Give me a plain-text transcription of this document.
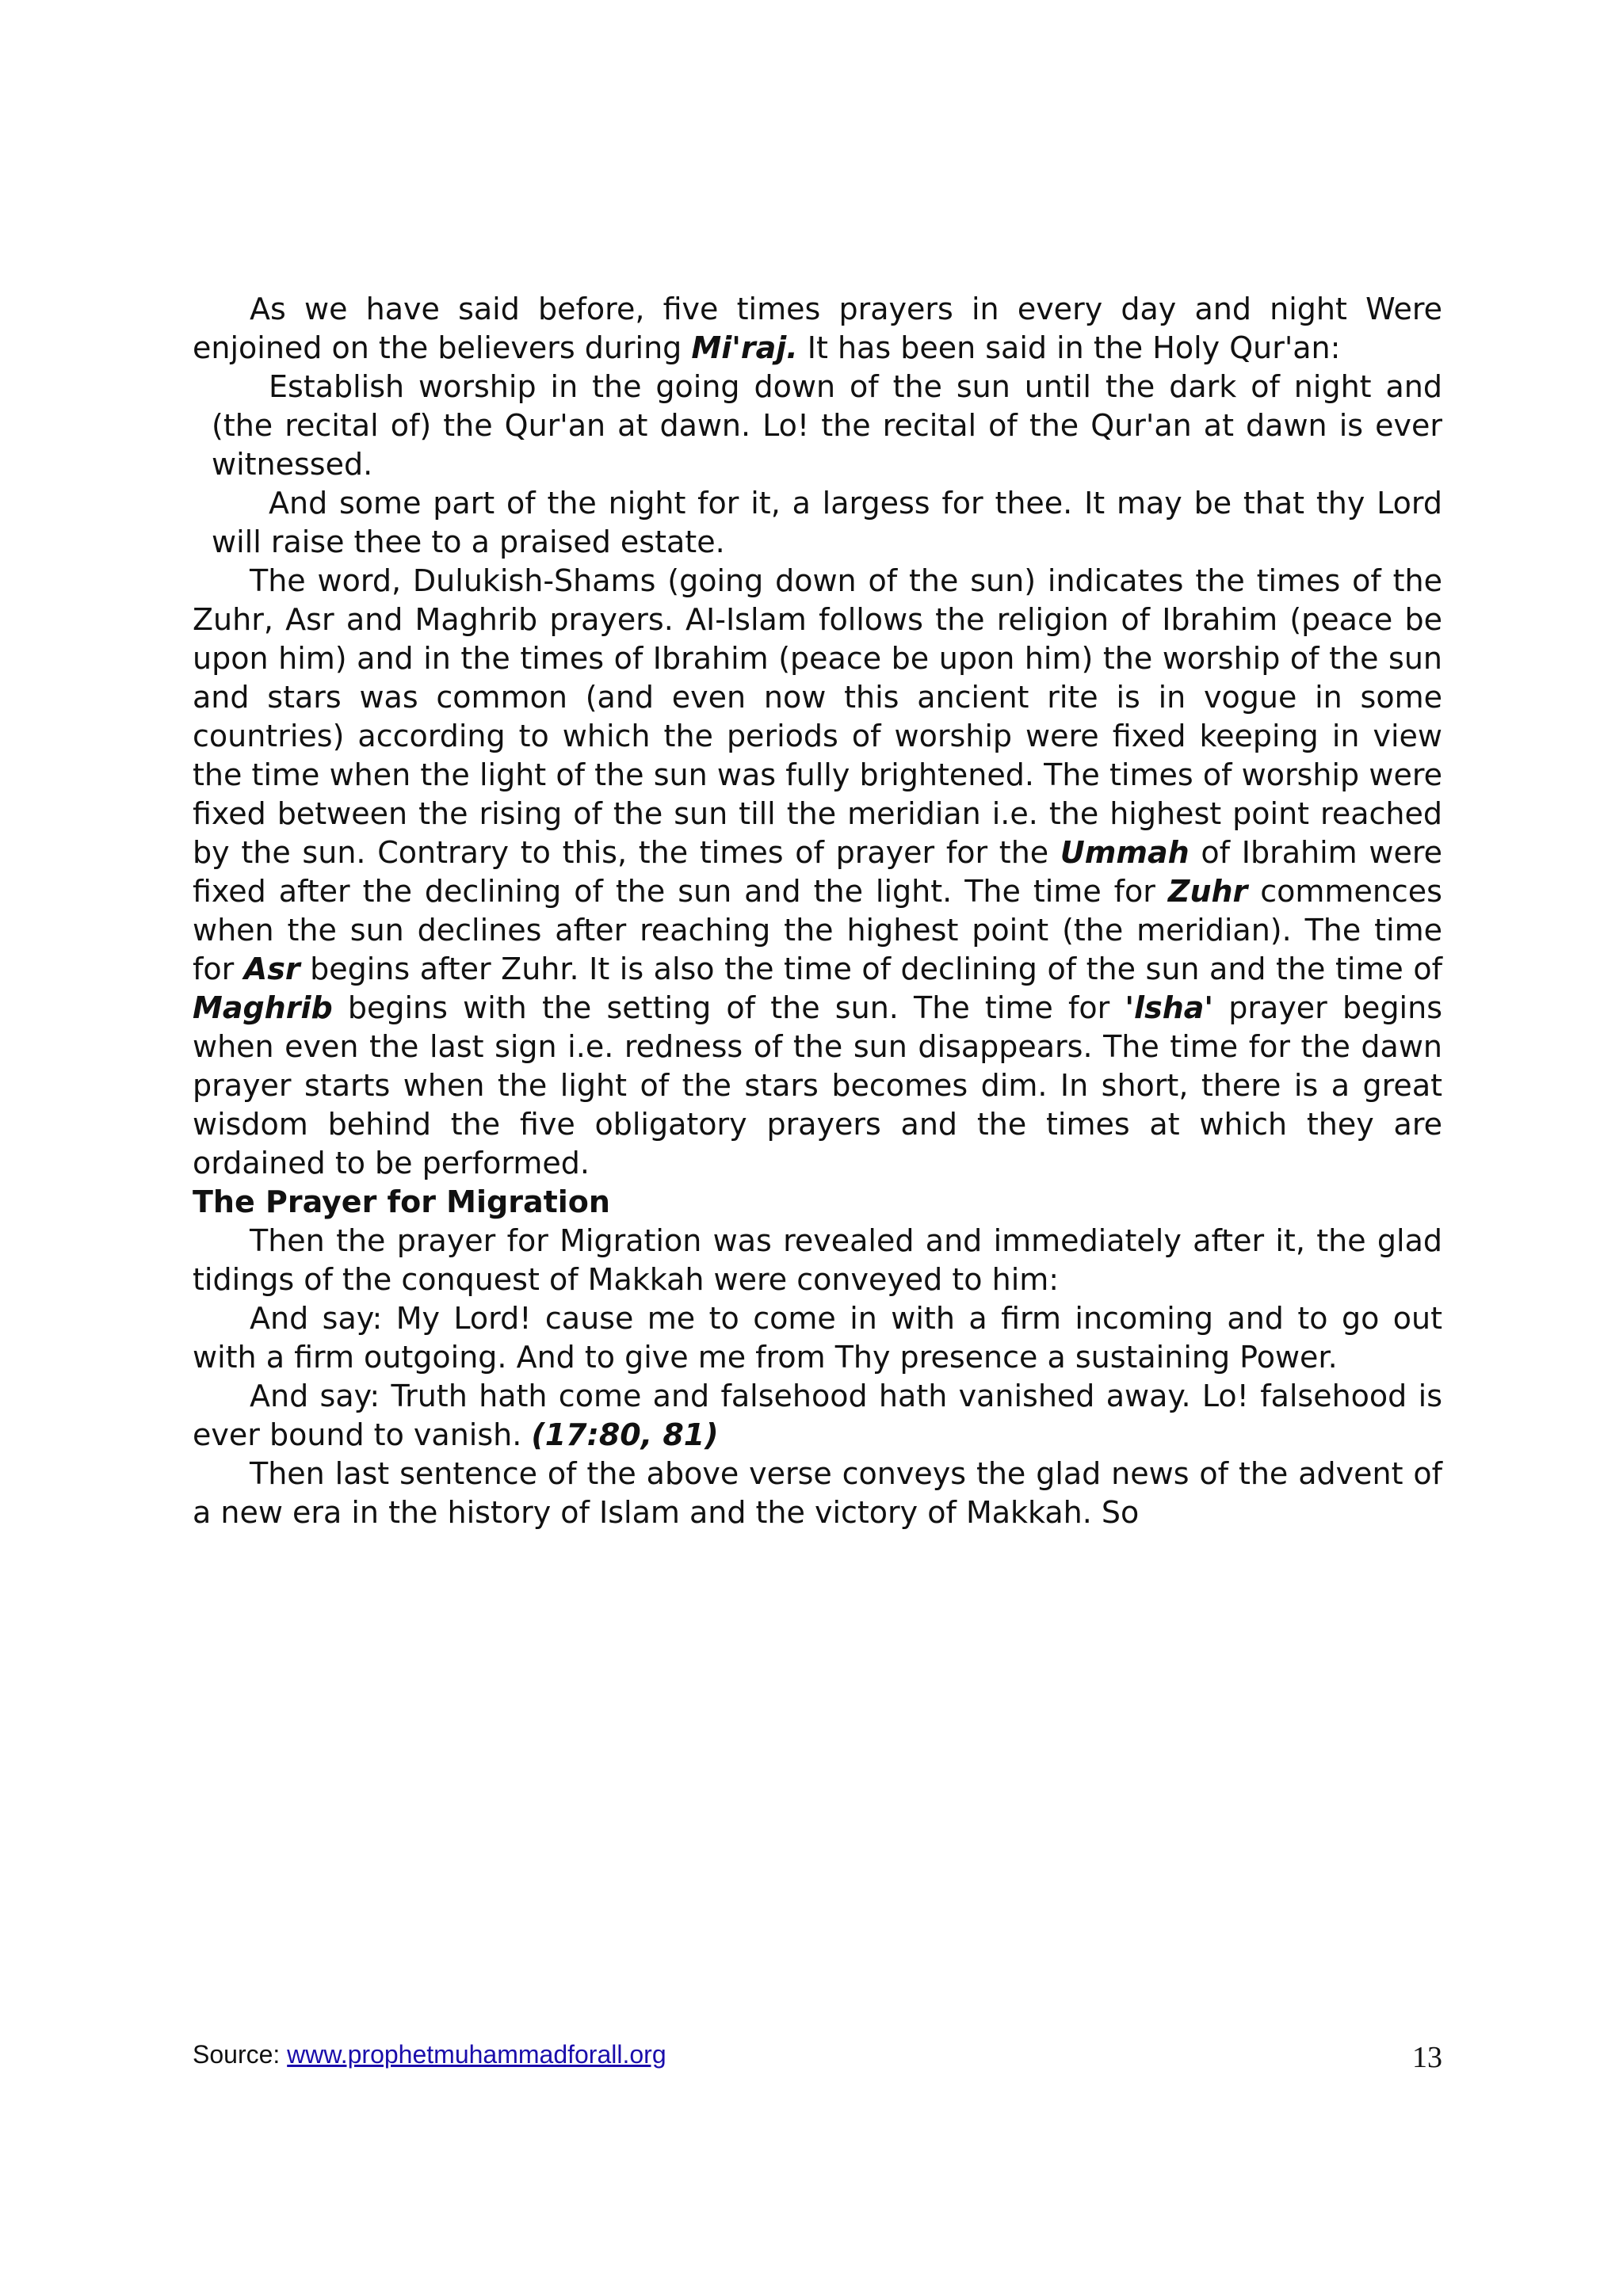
As we have said before, five times prayers in every day and night Were enjoined on the believers during Mi'raj. It has been said in the Holy Qur'an:

Establish worship in the going down of the sun until the dark of night and (the recital of) the Qur'an at dawn. Lo! the recital of the Qur'an at dawn is ever witnessed.

And some part of the night for it, a largess for thee. It may be that thy Lord will raise thee to a praised estate.

The word, Dulukish-Shams (going down of the sun) indicates the times of the Zuhr, Asr and Maghrib prayers. AI-Islam follows the religion of Ibrahim (peace be upon him) and in the times of Ibrahim (peace be upon him) the worship of the sun and stars was common (and even now this ancient rite is in vogue in some countries) according to which the periods of worship were fixed keeping in view the time when the light of the sun was fully brightened. The times of worship were fixed between the rising of the sun till the meridian i.e. the highest point reached by the sun. Contrary to this, the times of prayer for the Ummah of Ibrahim were fixed after the declining of the sun and the light. The time for Zuhr commences when the sun declines after reaching the highest point (the meridian). The time for Asr begins after Zuhr. It is also the time of declining of the sun and the time of Maghrib begins with the setting of the sun. The time for 'lsha' prayer begins when even the last sign i.e. redness of the sun disappears. The time for the dawn prayer starts when the light of the stars becomes dim. In short, there is a great wisdom behind the five obligatory prayers and the times at which they are ordained to be performed.

The Prayer for Migration

Then the prayer for Migration was revealed and immediately after it, the glad tidings of the conquest of Makkah were conveyed to him:

And say: My Lord! cause me to come in with a firm incoming and to go out with a firm outgoing. And to give me from Thy presence a sustaining Power.

And say: Truth hath come and falsehood hath vanished away. Lo! falsehood is ever bound to vanish. (17:80, 81)

Then last sentence of the above verse conveys the glad news of the advent of a new era in the history of Islam and the victory of Makkah. So

Source: www.prophetmuhammadforall.org	13
